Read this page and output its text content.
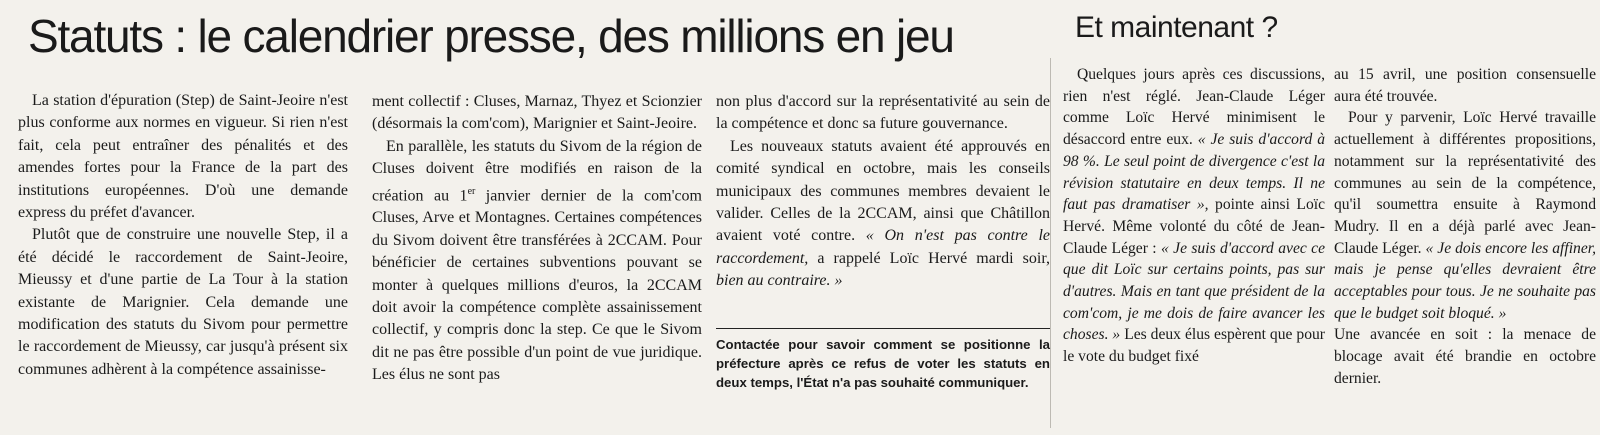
Statuts : le calendrier presse, des millions en jeu	Et maintenant ?

La station d'épuration (Step) de Saint-Jeoire n'est plus conforme aux normes en vigueur. Si rien n'est fait, cela peut entraîner des pénalités et des amendes fortes pour la France de la part des institutions européennes. D'où une demande express du préfet d'avancer.

Plutôt que de construire une nouvelle Step, il a été décidé le raccordement de Saint-Jeoire, Mieussy et d'une partie de La Tour à la station existante de Marignier. Cela demande une modification des statuts du Sivom pour permettre le raccordement de Mieussy, car jusqu'à présent six communes adhèrent à la compétence assainisse-

ment collectif : Cluses, Marnaz, Thyez et Scionzier (désormais la com'com), Marignier et Saint-Jeoire.

En parallèle, les statuts du Sivom de la région de Cluses doivent être modifiés en raison de la création au 1er janvier dernier de la com'com Cluses, Arve et Montagnes. Certaines compétences du Sivom doivent être transférées à 2CCAM. Pour bénéficier de certaines subventions pouvant se monter à quelques millions d'euros, la 2CCAM doit avoir la compétence complète assainissement collectif, y compris donc la step. Ce que le Sivom dit ne pas être possible d'un point de vue juridique. Les élus ne sont pas

non plus d'accord sur la représentativité au sein de la compétence et donc sa future gouvernance.

Les nouveaux statuts avaient été approuvés en comité syndical en octobre, mais les conseils municipaux des communes membres devaient le valider. Celles de la 2CCAM, ainsi que Châtillon avaient voté contre. « On n'est pas contre le raccordement, a rappelé Loïc Hervé mardi soir, bien au contraire. »

Contactée pour savoir comment se positionne la préfecture après ce refus de voter les statuts en deux temps, l'État n'a pas souhaité communiquer.

Quelques jours après ces discussions, rien n'est réglé. Jean-Claude Léger comme Loïc Hervé minimisent le désaccord entre eux. « Je suis d'accord à 98 %. Le seul point de divergence c'est la révision statutaire en deux temps. Il ne faut pas dramatiser », pointe ainsi Loïc Hervé. Même volonté du côté de Jean-Claude Léger : « Je suis d'accord avec ce que dit Loïc sur certains points, pas sur d'autres. Mais en tant que président de la com'com, je me dois de faire avancer les choses. » Les deux élus espèrent que pour le vote du budget fixé

au 15 avril, une position consensuelle aura été trouvée.

Pour y parvenir, Loïc Hervé travaille actuellement à différentes propositions, notamment sur la représentativité des communes au sein de la compétence, qu'il soumettra ensuite à Raymond Mudry. Il en a déjà parlé avec Jean-Claude Léger. « Je dois encore les affiner, mais je pense qu'elles devraient être acceptables pour tous. Je ne souhaite pas que le budget soit bloqué. »

Une avancée en soit : la menace de blocage avait été brandie en octobre dernier.
